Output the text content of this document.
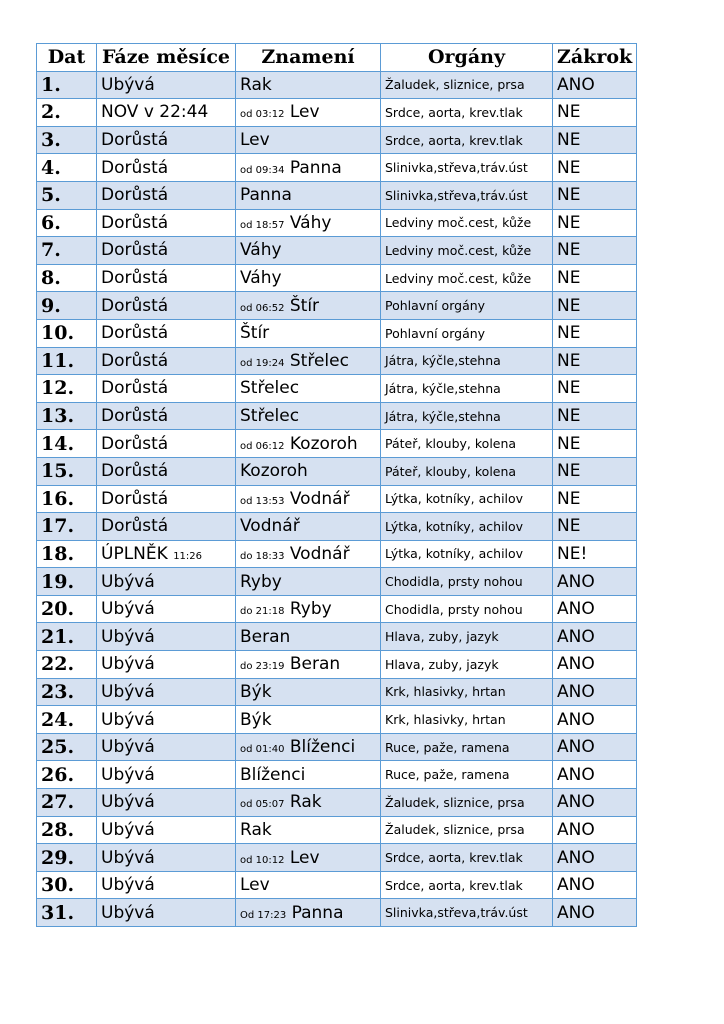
Dat	Fáze měsíce	Znamení	Orgány	Zákrok
1.	Ubývá	Rak	Žaludek, sliznice, prsa	ANO
2.	NOV v 22:44	od 03:12 Lev	Srdce, aorta, krev.tlak	NE
3.	Dorůstá	Lev	Srdce, aorta, krev.tlak	NE
4.	Dorůstá	od 09:34 Panna	Slinivka,střeva,tráv.úst	NE
5.	Dorůstá	Panna	Slinivka,střeva,tráv.úst	NE
6.	Dorůstá	od 18:57 Váhy	Ledviny moč.cest, kůže	NE
7.	Dorůstá	Váhy	Ledviny moč.cest, kůže	NE
8.	Dorůstá	Váhy	Ledviny moč.cest, kůže	NE
9.	Dorůstá	od 06:52 Štír	Pohlavní orgány	NE
10.	Dorůstá	Štír	Pohlavní orgány	NE
11.	Dorůstá	od 19:24 Střelec	Játra, kýčle,stehna	NE
12.	Dorůstá	Střelec	Játra, kýčle,stehna	NE
13.	Dorůstá	Střelec	Játra, kýčle,stehna	NE
14.	Dorůstá	od 06:12 Kozoroh	Páteř, klouby, kolena	NE
15.	Dorůstá	Kozoroh	Páteř, klouby, kolena	NE
16.	Dorůstá	od 13:53 Vodnář	Lýtka, kotníky, achilov	NE
17.	Dorůstá	Vodnář	Lýtka, kotníky, achilov	NE
18.	ÚPLNĚK 11:26	do 18:33 Vodnář	Lýtka, kotníky, achilov	NE!
19.	Ubývá	Ryby	Chodidla, prsty nohou	ANO
20.	Ubývá	do 21:18 Ryby	Chodidla, prsty nohou	ANO
21.	Ubývá	Beran	Hlava, zuby, jazyk	ANO
22.	Ubývá	do 23:19 Beran	Hlava, zuby, jazyk	ANO
23.	Ubývá	Býk	Krk, hlasivky, hrtan	ANO
24.	Ubývá	Býk	Krk, hlasivky, hrtan	ANO
25.	Ubývá	od 01:40 Blíženci	Ruce, paže, ramena	ANO
26.	Ubývá	Blíženci	Ruce, paže, ramena	ANO
27.	Ubývá	od 05:07 Rak	Žaludek, sliznice, prsa	ANO
28.	Ubývá	Rak	Žaludek, sliznice, prsa	ANO
29.	Ubývá	od 10:12 Lev	Srdce, aorta, krev.tlak	ANO
30.	Ubývá	Lev	Srdce, aorta, krev.tlak	ANO
31.	Ubývá	Od 17:23 Panna	Slinivka,střeva,tráv.úst	ANO
